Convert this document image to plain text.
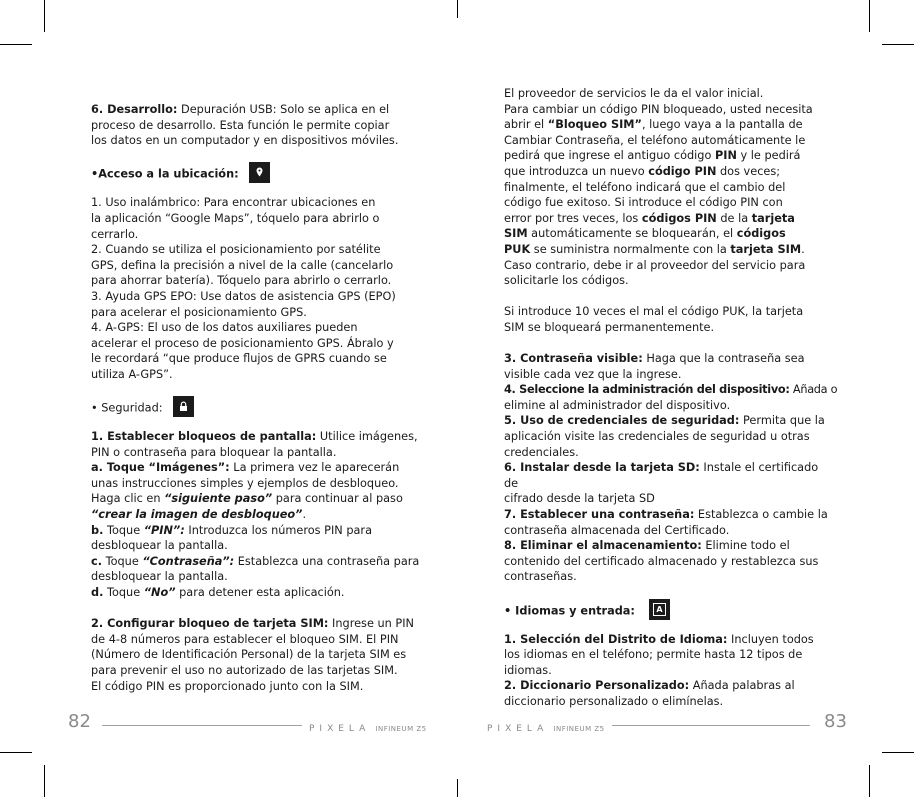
6. Desarrollo: Depuración USB: Solo se aplica en el

proceso de desarrollo. Esta función le permite copiar

los datos en un computador y en dispositivos móviles.

•Acceso a la ubicación:

1. Uso inalámbrico: Para encontrar ubicaciones en

la aplicación “Google Maps”, tóquelo para abrirlo o

cerrarlo.

2. Cuando se utiliza el posicionamiento por satélite

GPS, defina la precisión a nivel de la calle (cancelarlo

para ahorrar batería). Tóquelo para abrirlo o cerrarlo.

3. Ayuda GPS EPO: Use datos de asistencia GPS (EPO)

para acelerar el posicionamiento GPS.

4. A-GPS: El uso de los datos auxiliares pueden

acelerar el proceso de posicionamiento GPS. Ábralo y

le recordará “que produce flujos de GPRS cuando se

utiliza A-GPS”.

• Seguridad:

1. Establecer bloqueos de pantalla: Utilice imágenes,

PIN o contraseña para bloquear la pantalla.

a. Toque “Imágenes”: La primera vez le aparecerán

unas instrucciones simples y ejemplos de desbloqueo.

Haga clic en “siguiente paso” para continuar al paso

“crear la imagen de desbloqueo”.

b. Toque “PIN”: Introduzca los números PIN para

desbloquear la pantalla.

c. Toque “Contraseña”: Establezca una contraseña para

desbloquear la pantalla.

d. Toque “No” para detener esta aplicación.

2. Configurar bloqueo de tarjeta SIM: Ingrese un PIN

de 4-8 números para establecer el bloqueo SIM. El PIN

(Número de Identificación Personal) de la tarjeta SIM es

para prevenir el uso no autorizado de las tarjetas SIM.

El código PIN es proporcionado junto con la SIM.

El proveedor de servicios le da el valor inicial.

Para cambiar un código PIN bloqueado, usted necesita

abrir el “Bloqueo SIM”, luego vaya a la pantalla de

Cambiar Contraseña, el teléfono automáticamente le

pedirá que ingrese el antiguo código PIN y le pedirá

que introduzca un nuevo código PIN dos veces;

finalmente, el teléfono indicará que el cambio del

código fue exitoso. Si introduce el código PIN con

error por tres veces, los códigos PIN de la tarjeta

SIM automáticamente se bloquearán, el códigos

PUK se suministra normalmente con la tarjeta SIM.

Caso contrario, debe ir al proveedor del servicio para

solicitarle los códigos.

Si introduce 10 veces el mal el código PUK, la tarjeta

SIM se bloqueará permanentemente.

3. Contraseña visible: Haga que la contraseña sea

visible cada vez que la ingrese.

4. Seleccione la administración del dispositivo: Añada o

elimine al administrador del dispositivo.

5. Uso de credenciales de seguridad: Permita que la

aplicación visite las credenciales de seguridad u otras

credenciales.

6. Instalar desde la tarjeta SD: Instale el certificado de

cifrado desde la tarjeta SD

7. Establecer una contraseña: Establezca o cambie la

contraseña almacenada del Certificado.

8. Eliminar el almacenamiento: Elimine todo el

contenido del certificado almacenado y restablezca sus

contraseñas.

• Idiomas y entrada:	A

1. Selección del Distrito de Idioma: Incluyen todos

los idiomas en el teléfono; permite hasta 12 tipos de

idiomas.

2. Diccionario Personalizado: Añada palabras al

diccionario personalizado o elimínelas.

82	PIXELA INFINEUM Z5	PIXELA INFINEUM Z5	83
